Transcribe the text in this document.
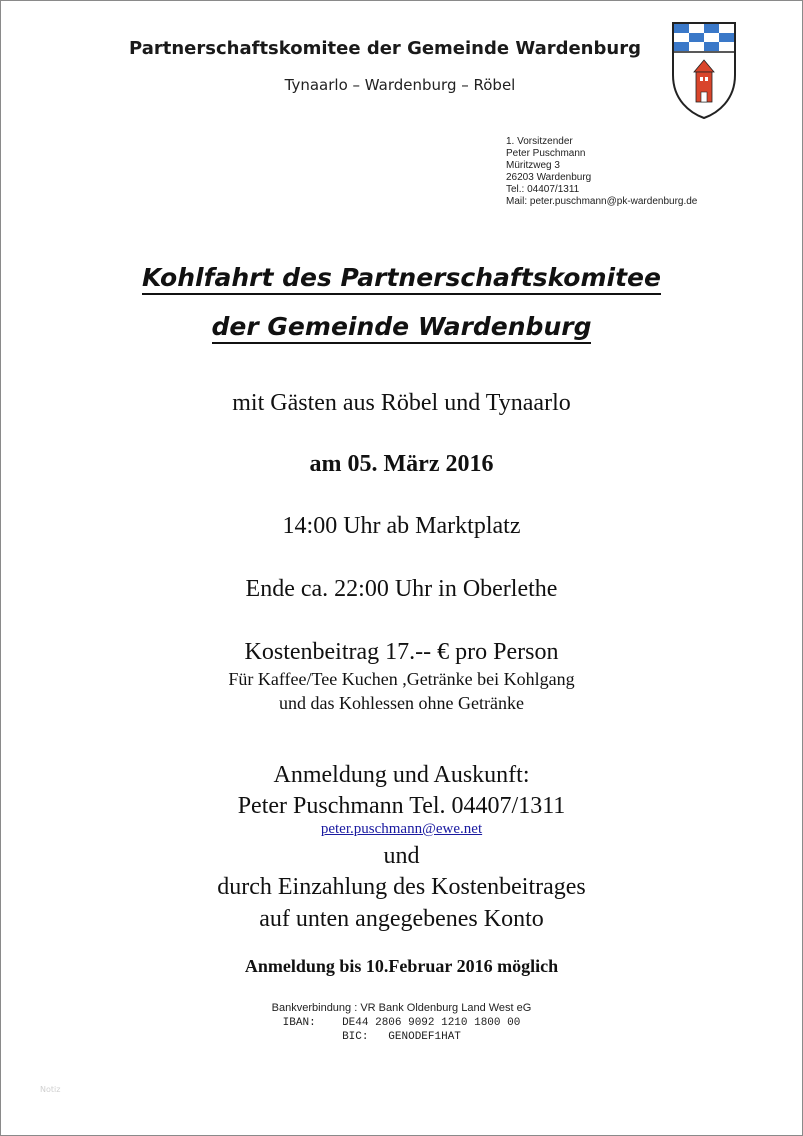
Partnerschaftskomitee der Gemeinde Wardenburg
Tynaarlo – Wardenburg – Röbel
1. Vorsitzender
Peter Puschmann
Müritzweg 3
26203 Wardenburg
Tel.: 04407/1311
Mail: peter.puschmann@pk-wardenburg.de
Kohlfahrt des Partnerschaftskomitee
der Gemeinde Wardenburg
mit Gästen aus Röbel und Tynaarlo
am 05. März 2016
14:00 Uhr ab Marktplatz
Ende ca. 22:00 Uhr in Oberlethe
Kostenbeitrag 17.-- € pro Person
Für Kaffee/Tee Kuchen ,Getränke bei Kohlgang
und das Kohlessen ohne Getränke
Anmeldung und Auskunft:
Peter Puschmann Tel. 04407/1311
peter.puschmann@ewe.net
und
durch Einzahlung des Kostenbeitrages
auf unten angegebenes Konto
Anmeldung bis 10.Februar 2016 möglich
Bankverbindung : VR Bank Oldenburg Land West eG
IBAN:    DE44 2806 9092 1210 1800 00
BIC:   GENODEF1HAT
Notiz
